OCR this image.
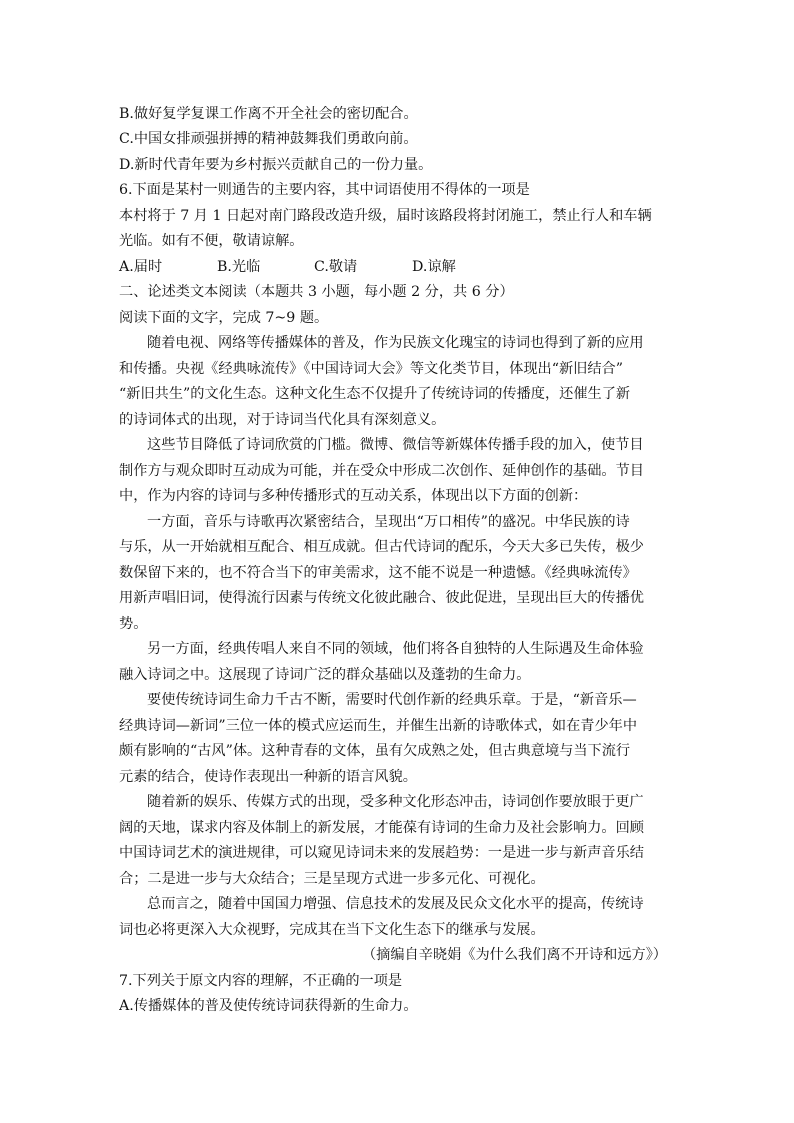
B.做好复学复课工作离不开全社会的密切配合。
C.中国女排顽强拼搏的精神鼓舞我们勇敢向前。
D.新时代青年要为乡村振兴贡献自己的一份力量。
6.下面是某村一则通告的主要内容，其中词语使用不得体的一项是
本村将于 7 月 1 日起对南门路段改造升级，届时该路段将封闭施工，禁止行人和车辆
光临。如有不便，敬请谅解。
A.届时	B.光临	C.敬请	D.谅解
二、论述类文本阅读（本题共 3 小题，每小题 2 分，共 6 分）
阅读下面的文字，完成 7~9 题。
随着电视、网络等传播媒体的普及，作为民族文化瑰宝的诗词也得到了新的应用
和传播。央视《经典咏流传》《中国诗词大会》等文化类节目，体现出“新旧结合”
“新旧共生”的文化生态。这种文化生态不仅提升了传统诗词的传播度，还催生了新
的诗词体式的出现，对于诗词当代化具有深刻意义。
这些节目降低了诗词欣赏的门槛。微博、微信等新媒体传播手段的加入，使节目
制作方与观众即时互动成为可能，并在受众中形成二次创作、延伸创作的基础。节目
中，作为内容的诗词与多种传播形式的互动关系，体现出以下方面的创新：
一方面，音乐与诗歌再次紧密结合，呈现出“万口相传”的盛况。中华民族的诗
与乐，从一开始就相互配合、相互成就。但古代诗词的配乐，今天大多已失传，极少
数保留下来的，也不符合当下的审美需求，这不能不说是一种遗憾。《经典咏流传》
用新声唱旧词，使得流行因素与传统文化彼此融合、彼此促进，呈现出巨大的传播优
势。
另一方面，经典传唱人来自不同的领域，他们将各自独特的人生际遇及生命体验
融入诗词之中。这展现了诗词广泛的群众基础以及蓬勃的生命力。
要使传统诗词生命力千古不断，需要时代创作新的经典乐章。于是，“新音乐—
经典诗词—新词”三位一体的模式应运而生，并催生出新的诗歌体式，如在青少年中
颇有影响的“古风”体。这种青春的文体，虽有欠成熟之处，但古典意境与当下流行
元素的结合，使诗作表现出一种新的语言风貌。
随着新的娱乐、传媒方式的出现，受多种文化形态冲击，诗词创作要放眼于更广
阔的天地，谋求内容及体制上的新发展，才能葆有诗词的生命力及社会影响力。回顾
中国诗词艺术的演进规律，可以窥见诗词未来的发展趋势：一是进一步与新声音乐结
合；二是进一步与大众结合；三是呈现方式进一步多元化、可视化。
总而言之，随着中国国力增强、信息技术的发展及民众文化水平的提高，传统诗
词也必将更深入大众视野，完成其在当下文化生态下的继承与发展。
（摘编自辛晓娟《为什么我们离不开诗和远方》）
7.下列关于原文内容的理解，不正确的一项是
A.传播媒体的普及使传统诗词获得新的生命力。
